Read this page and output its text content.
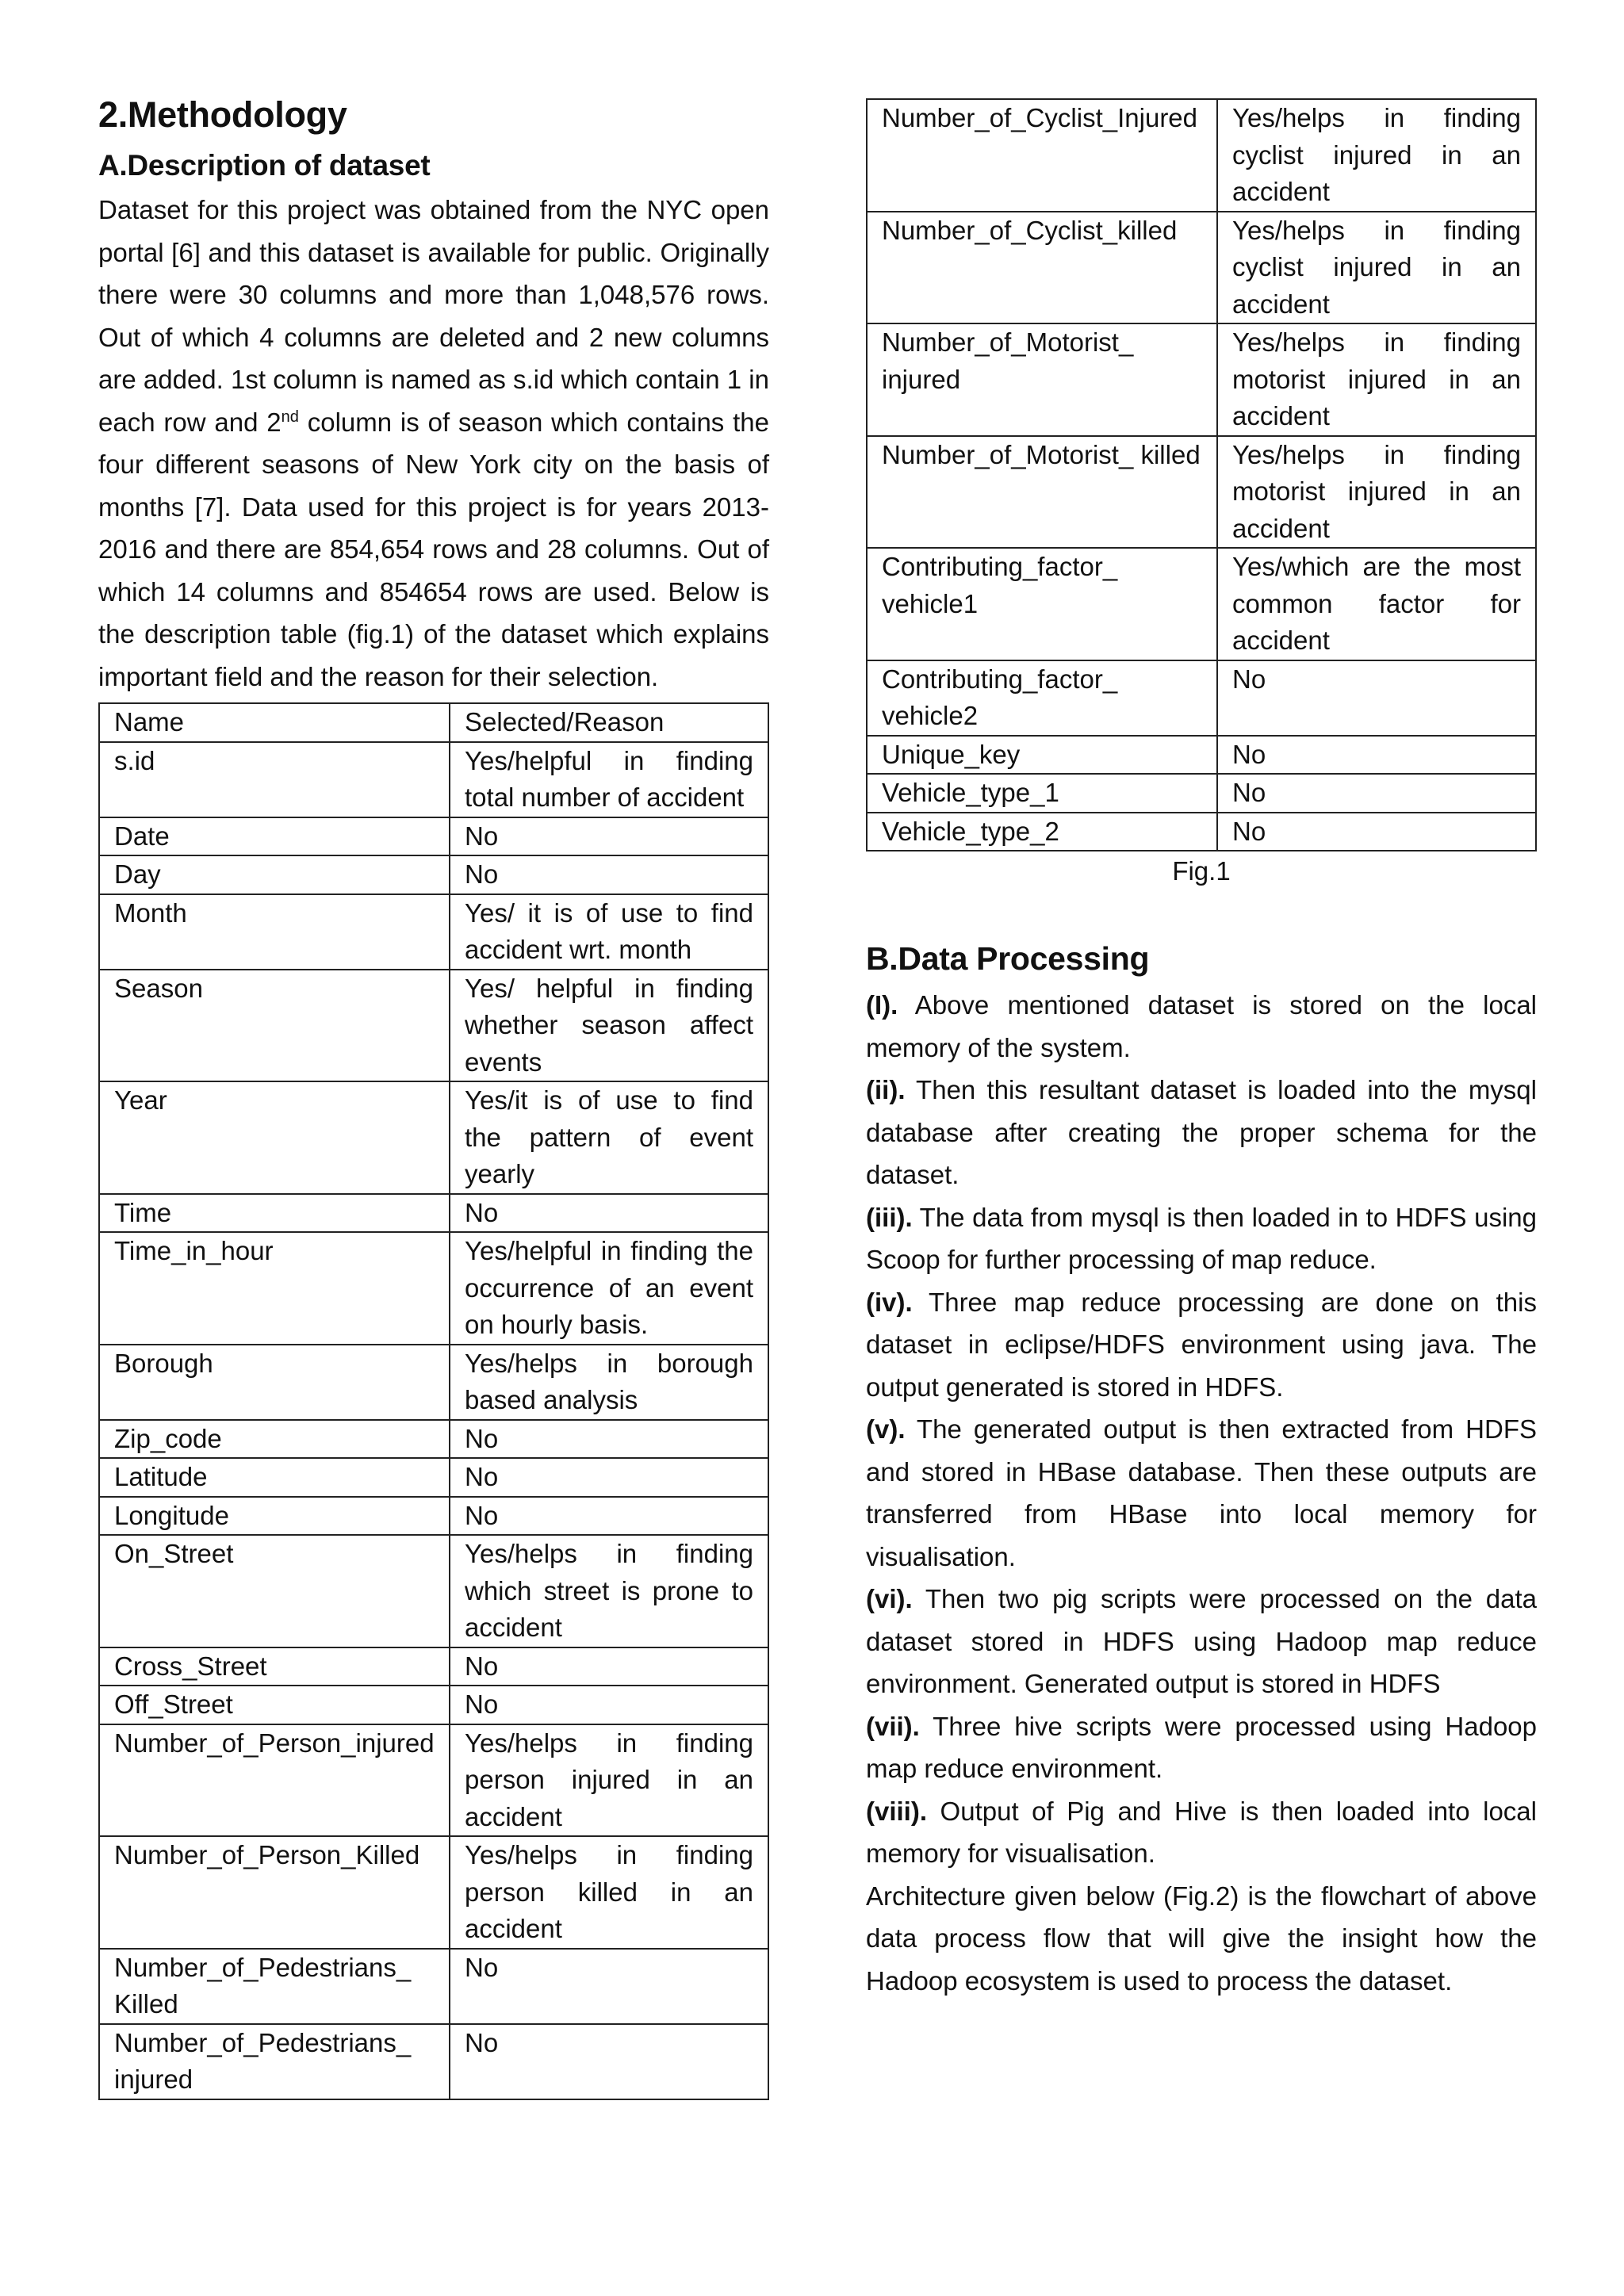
2.Methodology
A.Description of dataset

Dataset for this project was obtained from the NYC open portal [6] and this dataset is available for public. Originally there were 30 columns and more than 1,048,576 rows. Out of which 4 columns are deleted and 2 new columns are added. 1st column is named as s.id which contain 1 in each row and 2nd column is of season which contains the four different seasons of New York city on the basis of months [7]. Data used for this project is for years 2013-2016 and there are 854,654 rows and 28 columns. Out of which 14 columns and 854654 rows are used. Below is the description table (fig.1) of the dataset which explains important field and the reason for their selection.

Name	Selected/Reason
s.id	Yes/helpful in finding total number of accident
Date	No
Day	No
Month	Yes/ it is of use to find accident wrt. month
Season	Yes/ helpful in finding whether season affect events
Year	Yes/it is of use to find the pattern of event yearly
Time	No
Time_in_hour	Yes/helpful in finding the occurrence of an event on hourly basis.
Borough	Yes/helps in borough based analysis
Zip_code	No
Latitude	No
Longitude	No
On_Street	Yes/helps in finding which street is prone to accident
Cross_Street	No
Off_Street	No
Number_of_Person_injured	Yes/helps in finding person injured in an accident
Number_of_Person_Killed	Yes/helps in finding person killed in an accident
Number_of_Pedestrians_ Killed	No
Number_of_Pedestrians_ injured	No
Number_of_Cyclist_Injured	Yes/helps in finding cyclist injured in an accident
Number_of_Cyclist_killed	Yes/helps in finding cyclist injured in an accident
Number_of_Motorist_ injured	Yes/helps in finding motorist injured in an accident
Number_of_Motorist_ killed	Yes/helps in finding motorist injured in an accident
Contributing_factor_ vehicle1	Yes/which are the most common factor for accident
Contributing_factor_ vehicle2	No
Unique_key	No
Vehicle_type_1	No
Vehicle_type_2	No

Fig.1

B.Data Processing

(I). Above mentioned dataset is stored on the local memory of the system.

(ii). Then this resultant dataset is loaded into the mysql database after creating the proper schema for the dataset.

(iii). The data from mysql is then loaded in to HDFS using Scoop for further processing of map reduce.

(iv). Three map reduce processing are done on this dataset in eclipse/HDFS environment using java. The output generated is stored in HDFS.

(v). The generated output is then extracted from HDFS and stored in HBase database. Then these outputs are transferred from HBase into local memory for visualisation.

(vi). Then two pig scripts were processed on the data dataset stored in HDFS using Hadoop map reduce environment. Generated output is stored in HDFS

(vii). Three hive scripts were processed using Hadoop map reduce environment.

(viii). Output of Pig and Hive is then loaded into local memory for visualisation.

Architecture given below (Fig.2) is the flowchart of above data process flow that will give the insight how the Hadoop ecosystem is used to process the dataset.
